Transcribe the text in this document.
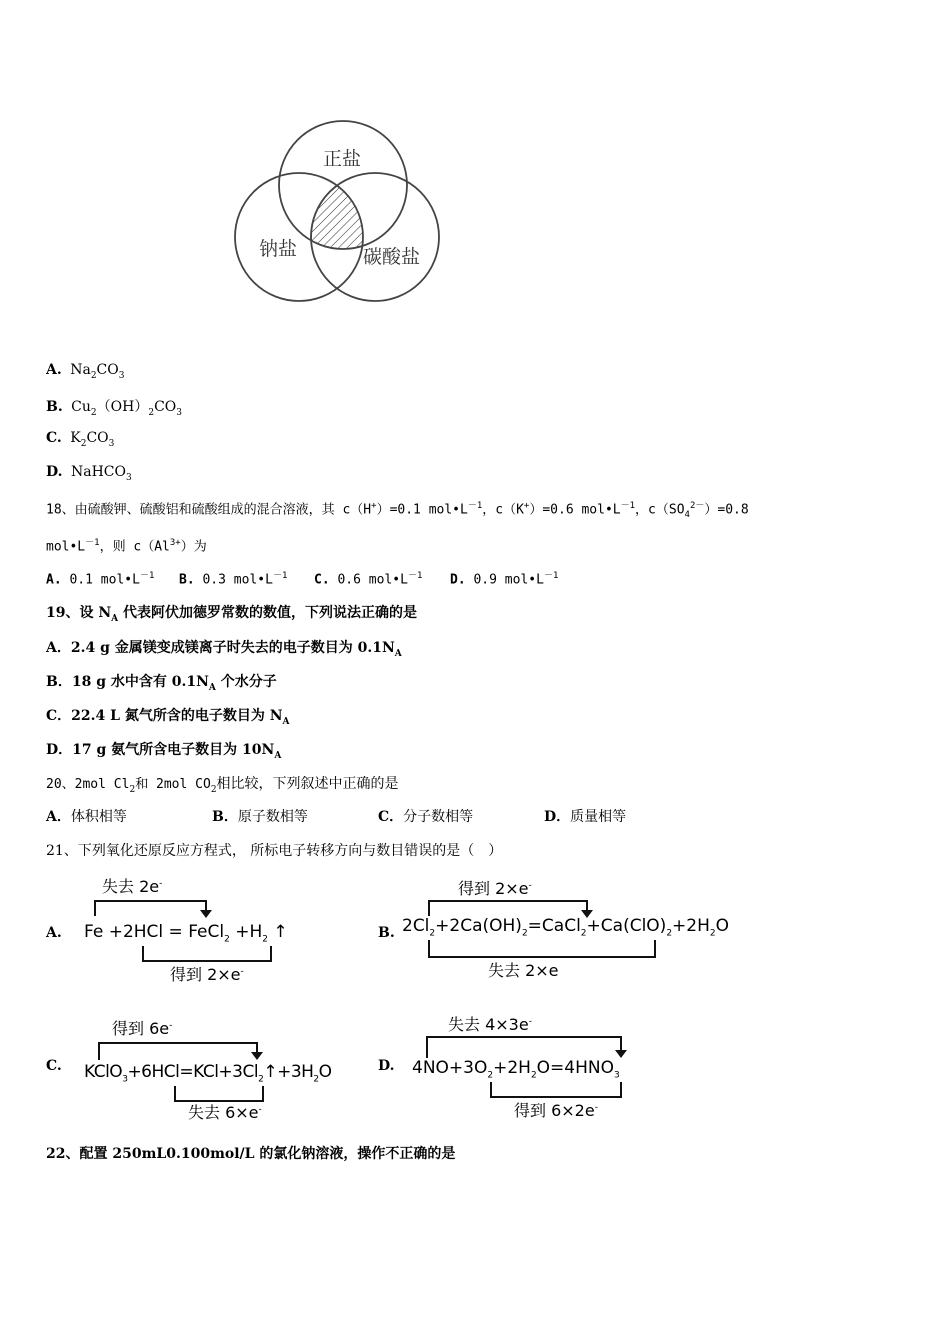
正盐
钠盐	碳酸盐
A. $Na_2CO_3$
B. $Cu_2(OH)_2CO_3$
C. $K_2CO_3$
D. NaHCO$_3$
18、由硫酸钾、硫酸铝和硫酸组成的混合溶液，其 c（H+）=0.1 $mol•L^{-1}$，c（K+）=0.6 $mol•L^{-1}$，$c(SO_4^{2-})=0.8$
$mol•L^{-1}$，则 $c(Al^{3+})$为
A. 0.1 $mol•L^{-1}$ B. 0.3 $mol•L^{-1}$ C. 0.6 $mol•L^{-1}$ D. 0.9 $mol•L^{-1}$
19、设 $N_A$ 代表阿伏加德罗常数的数值，下列说法正确的是
A．2.4 g 金属镁变成镁离子时失去的电子数目为 $0.1N_A$
B．18 g 水中含有 $0.1N_A$ 个水分子
C．22.4 L 氮气所含的电子数目为 $N_A$
D．17 g 氨气所含电子数目为 $10N_A$
20、2mol $Cl_2$和 2mol $CO_2$相比较，下列叙述中正确的是
A．体积相等	B．原子数相等	C．分子数相等	D．质量相等
21、下列氧化还原反应方程式， 所标电子转移方向与数目错误的是（　）
A.
失去 2e-
Fe +2HCl = FeCl$_2$ $+H_2$ ↑
得到 2×e-
B.
得到 2×e-
$2Cl_2+2Ca(OH)_2=CaCl_2+Ca(ClO)_2+2H_2O$
失去 2×e
C.
得到 6e-
$KClO_3+6HCl=KCl+3Cl_2↑+3H_2O$
失去 6×e-
D.
失去 4×3e-
$4NO+3O_2+2H_2O=4HNO_3$
得到 6×2e-
22、配置 250mL0.100mol/L 的氯化钠溶液，操作不正确的是
